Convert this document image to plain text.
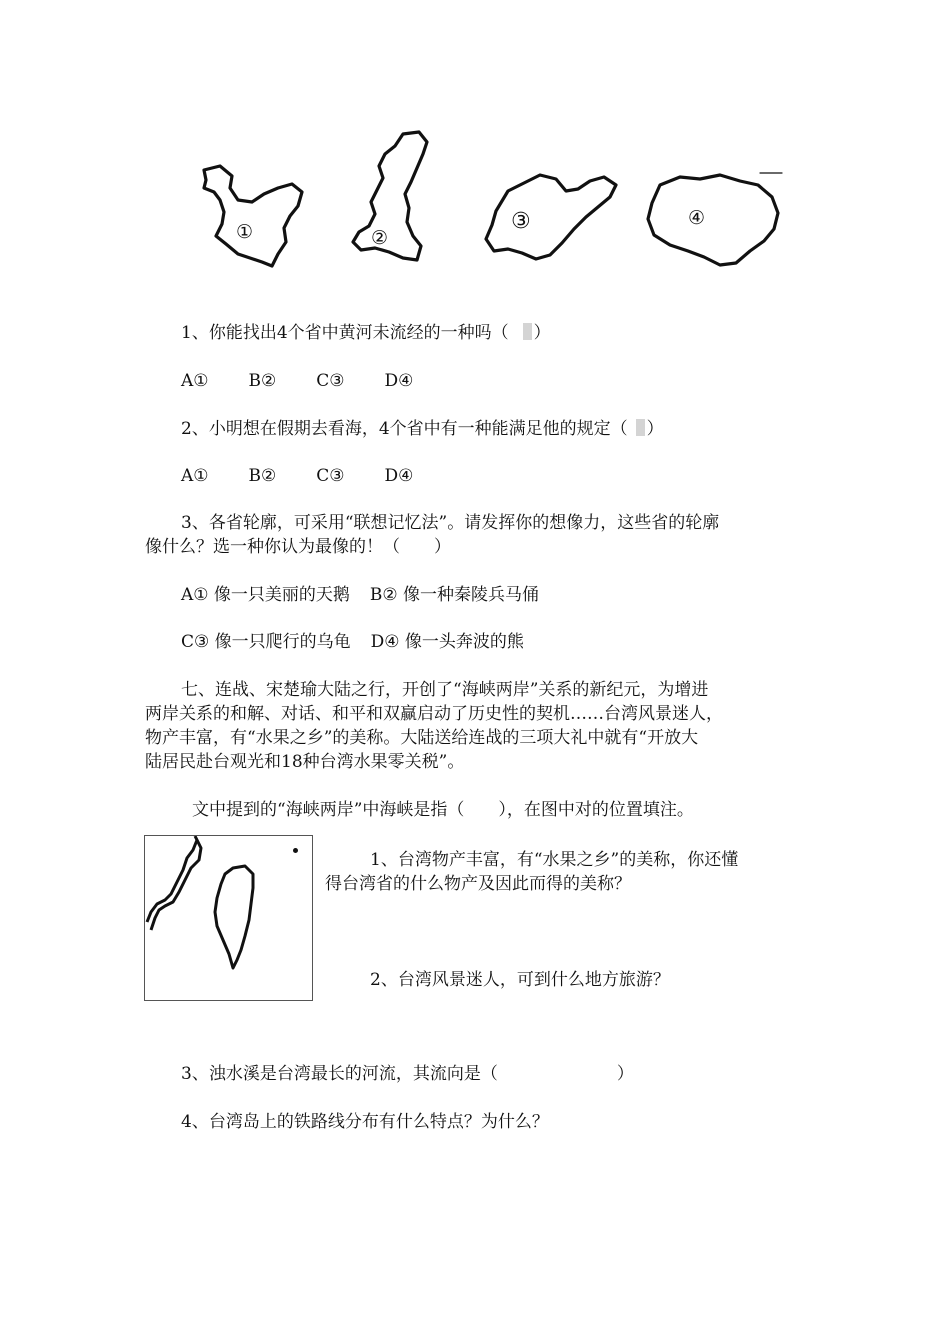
①	②
③	④
1、你能找出4个省中黄河未流经的一种吗（ ）
A① B② C③ D④
2、小明想在假期去看海，4个省中有一种能满足他的规定（ ）
A① B② C③ D④
3、各省轮廓，可采用“联想记忆法”。请发挥你的想像力，这些省的轮廓
像什么？选一种你认为最像的！（　　）
A① 像一只美丽的天鹅 B② 像一种秦陵兵马俑
C③ 像一只爬行的乌龟 D④ 像一头奔波的熊
七、连战、宋楚瑜大陆之行，开创了“海峡两岸”关系的新纪元，为增进
两岸关系的和解、对话、和平和双赢启动了历史性的契机……台湾风景迷人，
物产丰富，有“水果之乡”的美称。大陆送给连战的三项大礼中就有“开放大
陆居民赴台观光和18种台湾水果零关税”。
文中提到的“海峡两岸”中海峡是指（　　），在图中对的位置填注。
1、台湾物产丰富，有“水果之乡”的美称，你还懂
得台湾省的什么物产及因此而得的美称？
2、台湾风景迷人，可到什么地方旅游？
3、浊水溪是台湾最长的河流，其流向是（　　　　　　　）
4、台湾岛上的铁路线分布有什么特点？为什么？
